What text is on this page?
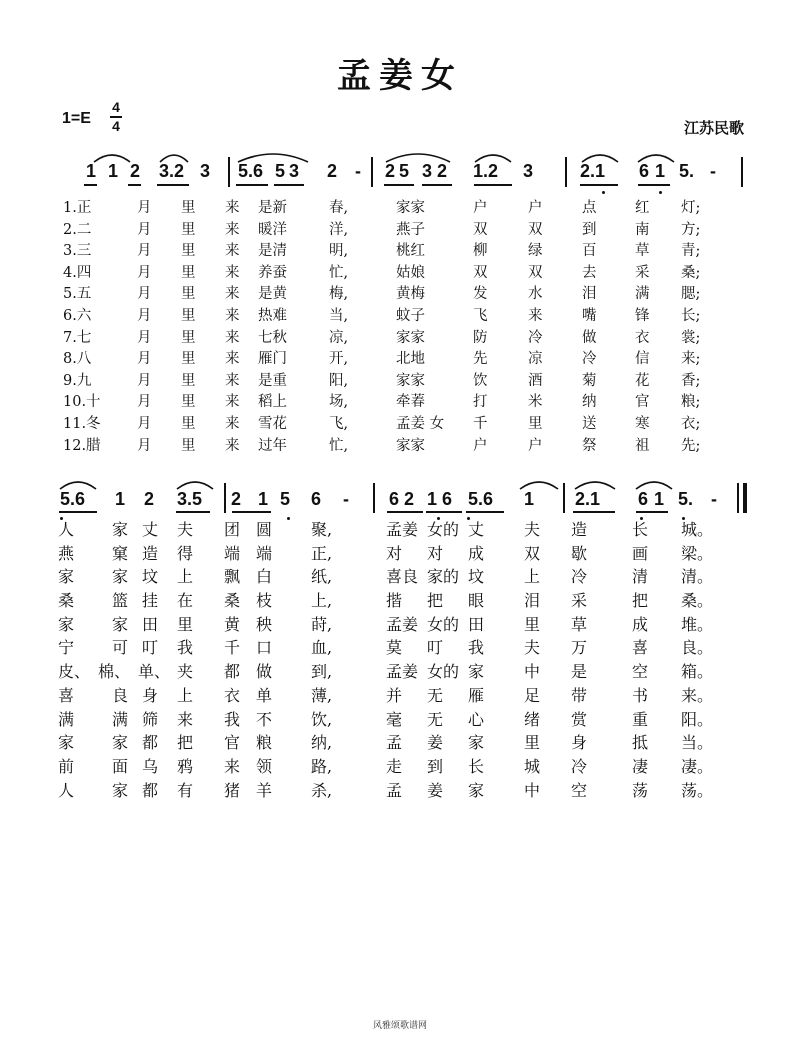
孟姜女
1=E
4
4	江苏民歌
1 1 2 3.2 3 5.6 5 3 2 - 2 5 3 2 1.2 3	2.1 6 1 5. -
1.正	月 里 来 是新	春,	家家	户	户	点	红 灯;
2.二	月 里 来 暖洋	洋,	燕子	双	双	到	南 方;
3.三	月 里 来 是清	明,	桃红	柳	绿	百	草 青;
4.四	月 里 来 养蚕	忙,	姑娘	双	双	去	采 桑;
5.五	月 里 来 是黄	梅,	黄梅	发	水	泪	满 腮;
6.六	月 里 来 热难	当,	蚊子	飞	来	嘴	锋 长;
7.七	月 里 来 七秋	凉,	家家	防	冷	做	衣 裳;
8.八	月 里 来 雁门	开,	北地	先	凉	冷	信 来;
9.九	月 里 来 是重	阳,	家家	饮	酒	菊	花 香;
10.十	月 里 来 稻上	场,	牵萶	打	米	纳	官 粮;
11.冬	月 里 来 雪花	飞,	孟姜 女 千	里	送	寒 衣;
12.腊	月 里 来 过年	忙,	家家	户	户	祭	祖 先;
5.6 1 2 3.5 2 1 5 6 - 6 2 1 6 5.6 1 2.1 6 1 5. -
人 家 丈 夫 团 圆 聚,	孟姜 女的 丈 夫 造	长 城。
燕 窠 造 得 端 端 正,	对 对 成 双 歇	画 梁。
家 家 坟 上 飘 白 纸,	喜良 家的 坟 上 冷	清 清。
桑 篮 挂 在 桑 枝 上,	揩 把 眼 泪 采	把 桑。
家 家 田 里 黄 秧 莳,	孟姜 女的 田 里 草	成 堆。
宁 可 叮 我 千 口 血,	莫 叮 我 夫 万	喜 良。
皮、 棉、 单、 夹 都 做 到,	孟姜 女的 家 中 是	空 箱。
喜 良 身 上 衣 单 薄,	并 无 雁 足 带	书 来。
满 满 筛 来 我 不 饮,	毫 无 心 绪 赏	重 阳。
家 家 都 把 官 粮 纳,	孟 姜 家 里 身	抵 当。
前 面 乌 鸦 来 领 路,	走 到 长 城 冷	凄 凄。
人 家 都 有 猪 羊 杀,	孟 姜 家 中 空	荡 荡。
风雅颂歌谱网
